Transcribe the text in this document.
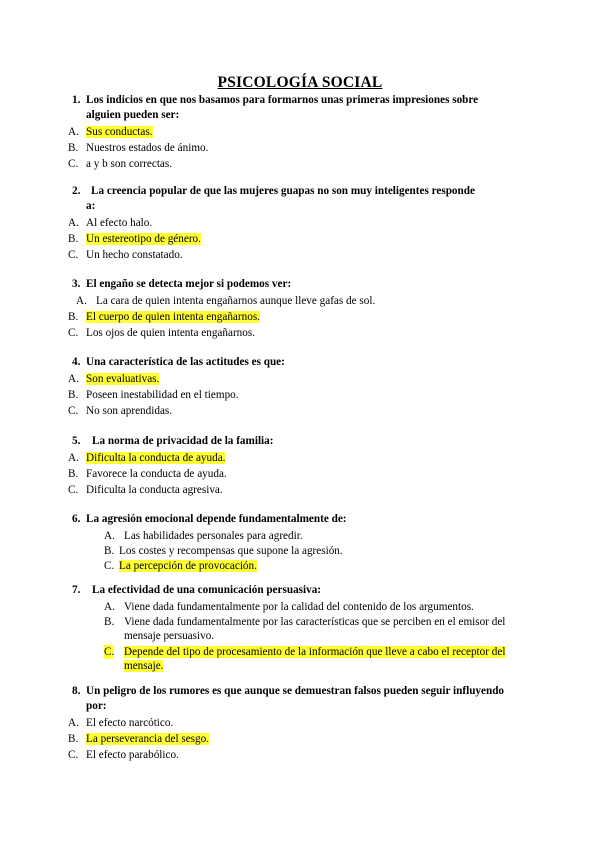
PSICOLOGÍA SOCIAL
1. Los indicios en que nos basamos para formarnos unas primeras impresiones sobre alguien pueden ser:
A. Sus conductas.
B. Nuestros estados de ánimo.
C. a y b son correctas.
2. La creencia popular de que las mujeres guapas no son muy inteligentes responde a:
A. Al efecto halo.
B. Un estereotipo de género.
C. Un hecho constatado.
3. El engaño se detecta mejor si podemos ver:
A. La cara de quien intenta engañarnos aunque lleve gafas de sol.
B. El cuerpo de quien intenta engañarnos.
C. Los ojos de quien intenta engañarnos.
4. Una característica de las actitudes es que:
A. Son evaluativas.
B. Poseen inestabilidad en el tiempo.
C. No son aprendidas.
5. La norma de privacidad de la familia:
A. Dificulta la conducta de ayuda.
B. Favorece la conducta de ayuda.
C. Dificulta la conducta agresiva.
6. La agresión emocional depende fundamentalmente de:
A. Las habilidades personales para agredir.
B. Los costes y recompensas que supone la agresión.
C. La percepción de provocación.
7. La efectividad de una comunicación persuasiva:
A. Viene dada fundamentalmente por la calidad del contenido de los argumentos.
B. Viene dada fundamentalmente por las características que se perciben en el emisor del mensaje persuasivo.
C. Depende del tipo de procesamiento de la información que lleve a cabo el receptor del mensaje.
8. Un peligro de los rumores es que aunque se demuestran falsos pueden seguir influyendo por:
A. El efecto narcótico.
B. La perseverancia del sesgo.
C. El efecto parabólico.
